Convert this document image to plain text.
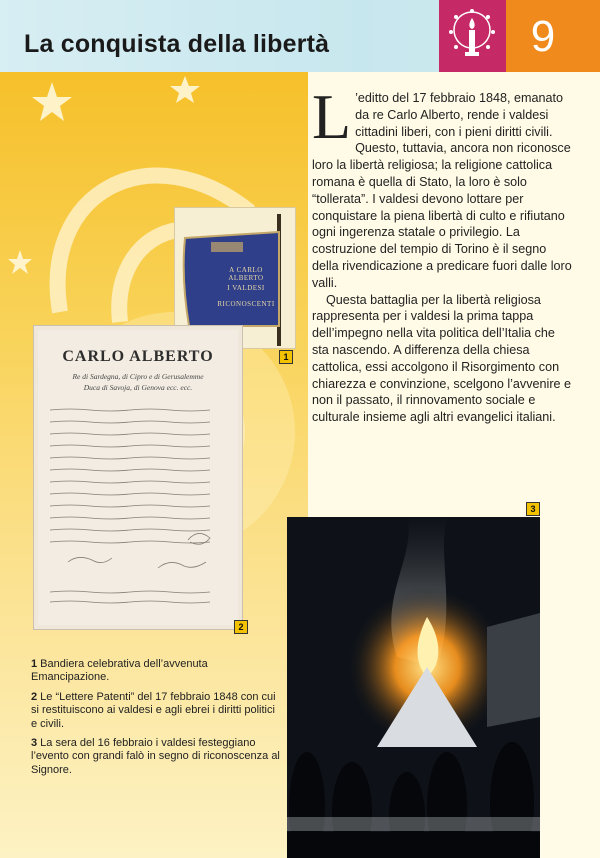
La conquista della libertà	9

L ’editto del 17 febbraio 1848, emanato da re Carlo Alberto, rende i valdesi cittadini liberi, con i pieni diritti civili. Questo, tuttavia, ancora non riconosce loro la libertà religiosa; la religione cattolica romana è quella di Stato, la loro è solo “tollerata”. I valdesi devono lottare per conquistare la piena libertà di culto e rifiutano ogni ingerenza statale o privilegio. La costruzione del tempio di Torino è il segno della rivendicazione a predicare fuori dalle loro valli.

Questa battaglia per la libertà religiosa rappresenta per i valdesi la prima tappa dell’impegno nella vita politica dell’Italia che sta nascendo. A differenza della chiesa cattolica, essi accolgono il Risorgimento con chiarezza e convinzione, scelgono l’avvenire e non il passato, il rinnovamento sociale e culturale insieme agli altri evangelici italiani.

A CARLO ALBERTO
I VALDESI
RICONOSCENTI
1
CARLO ALBERTO
Re di Sardegna, di Cipro e di Gerusalemme
Duca di Savoja, di Genova ecc. ecc.
2
3
1 Bandiera celebrativa dell’avvenuta Emancipazione.
2 Le “Lettere Patenti” del 17 febbraio 1848 con cui si restituiscono ai valdesi e agli ebrei i diritti politici e civili.
3 La sera del 16 febbraio i valdesi festeggiano l’evento con grandi falò in segno di riconoscenza al Signore.
